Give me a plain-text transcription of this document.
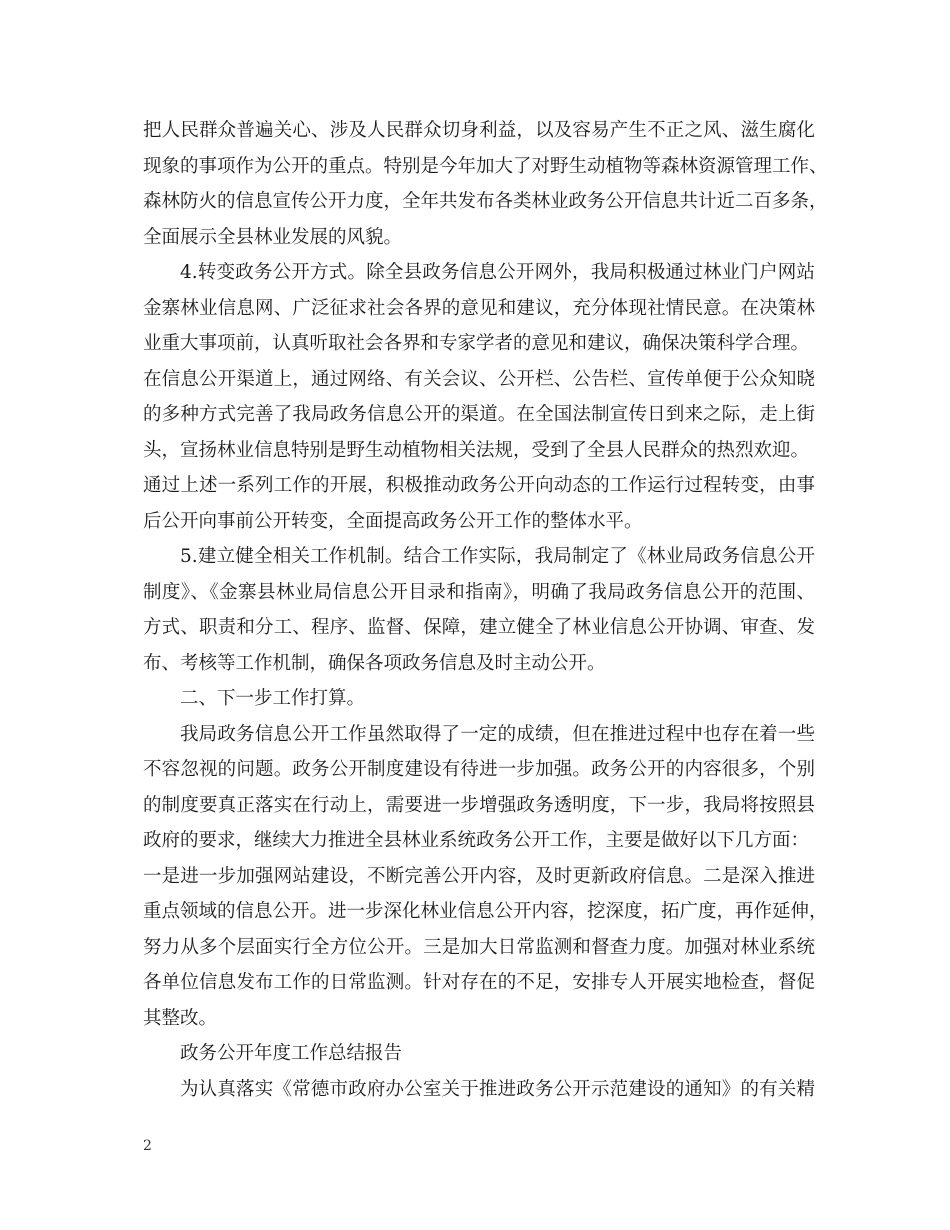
把人民群众普遍关心、涉及人民群众切身利益，以及容易产生不正之风、滋生腐化
现象的事项作为公开的重点。特别是今年加大了对野生动植物等森林资源管理工作、
森林防火的信息宣传公开力度，全年共发布各类林业政务公开信息共计近二百多条，
全面展示全县林业发展的风貌。
4.转变政务公开方式。除全县政务信息公开网外，我局积极通过林业门户网站
金寨林业信息网、广泛征求社会各界的意见和建议，充分体现社情民意。在决策林
业重大事项前，认真听取社会各界和专家学者的意见和建议，确保决策科学合理。
在信息公开渠道上，通过网络、有关会议、公开栏、公告栏、宣传单便于公众知晓
的多种方式完善了我局政务信息公开的渠道。在全国法制宣传日到来之际，走上街
头，宣扬林业信息特别是野生动植物相关法规，受到了全县人民群众的热烈欢迎。
通过上述一系列工作的开展，积极推动政务公开向动态的工作运行过程转变，由事
后公开向事前公开转变，全面提高政务公开工作的整体水平。
5.建立健全相关工作机制。结合工作实际，我局制定了《林业局政务信息公开
制度》、《金寨县林业局信息公开目录和指南》，明确了我局政务信息公开的范围、
方式、职责和分工、程序、监督、保障，建立健全了林业信息公开协调、审查、发
布、考核等工作机制，确保各项政务信息及时主动公开。
二、下一步工作打算。
我局政务信息公开工作虽然取得了一定的成绩，但在推进过程中也存在着一些
不容忽视的问题。政务公开制度建设有待进一步加强。政务公开的内容很多，个别
的制度要真正落实在行动上，需要进一步增强政务透明度，下一步，我局将按照县
政府的要求，继续大力推进全县林业系统政务公开工作，主要是做好以下几方面：
一是进一步加强网站建设，不断完善公开内容，及时更新政府信息。二是深入推进
重点领域的信息公开。进一步深化林业信息公开内容，挖深度，拓广度，再作延伸，
努力从多个层面实行全方位公开。三是加大日常监测和督查力度。加强对林业系统
各单位信息发布工作的日常监测。针对存在的不足，安排专人开展实地检查，督促
其整改。
政务公开年度工作总结报告
为认真落实《常德市政府办公室关于推进政务公开示范建设的通知》的有关精
2
